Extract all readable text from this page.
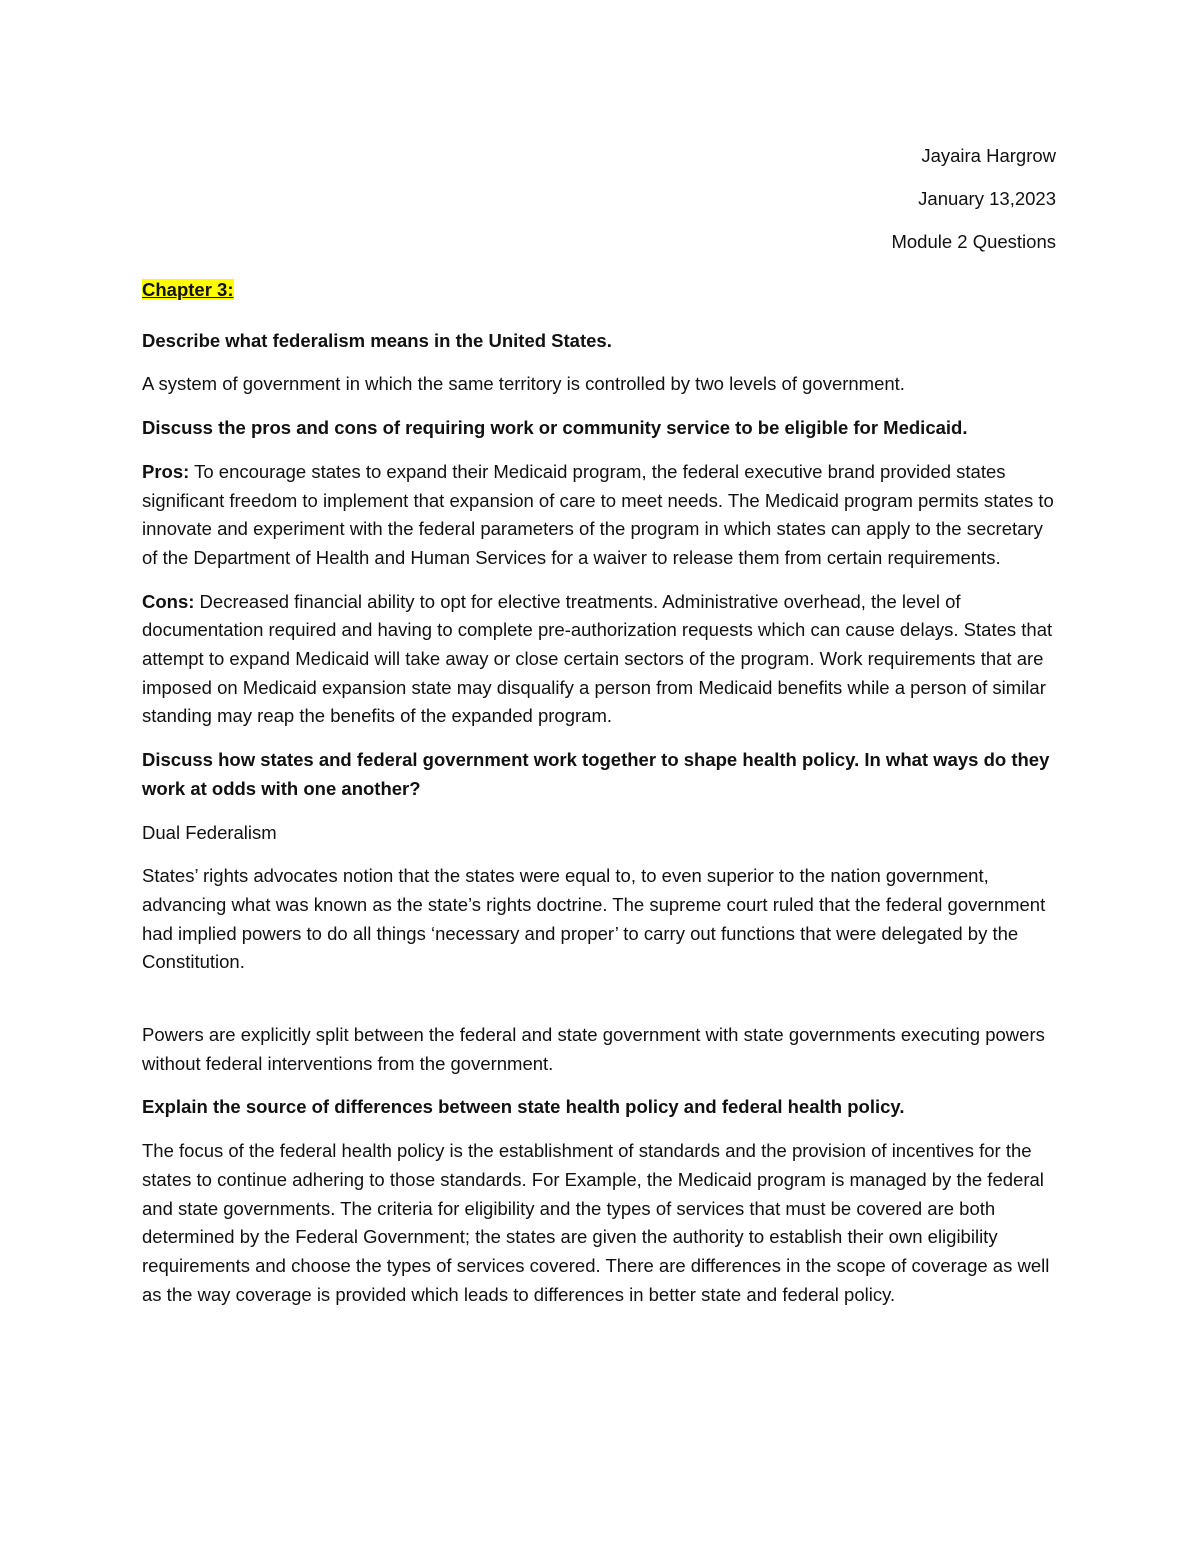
Jayaira Hargrow
January 13,2023
Module 2 Questions

Chapter 3:

Describe what federalism means in the United States.

A system of government in which the same territory is controlled by two levels of government.

Discuss the pros and cons of requiring work or community service to be eligible for Medicaid.

Pros: To encourage states to expand their Medicaid program, the federal executive brand provided states significant freedom to implement that expansion of care to meet needs. The Medicaid program permits states to innovate and experiment with the federal parameters of the program in which states can apply to the secretary of the Department of Health and Human Services for a waiver to release them from certain requirements.

Cons: Decreased financial ability to opt for elective treatments. Administrative overhead, the level of documentation required and having to complete pre-authorization requests which can cause delays. States that attempt to expand Medicaid will take away or close certain sectors of the program. Work requirements that are imposed on Medicaid expansion state may disqualify a person from Medicaid benefits while a person of similar standing may reap the benefits of the expanded program.

Discuss how states and federal government work together to shape health policy. In what ways do they work at odds with one another?

Dual Federalism

States’ rights advocates notion that the states were equal to, to even superior to the nation government, advancing what was known as the state’s rights doctrine. The supreme court ruled that the federal government had implied powers to do all things ‘necessary and proper’ to carry out functions that were delegated by the Constitution.

Powers are explicitly split between the federal and state government with state governments executing powers without federal interventions from the government.

Explain the source of differences between state health policy and federal health policy.

The focus of the federal health policy is the establishment of standards and the provision of incentives for the states to continue adhering to those standards. For Example, the Medicaid program is managed by the federal and state governments. The criteria for eligibility and the types of services that must be covered are both determined by the Federal Government; the states are given the authority to establish their own eligibility requirements and choose the types of services covered. There are differences in the scope of coverage as well as the way coverage is provided which leads to differences in better state and federal policy.
